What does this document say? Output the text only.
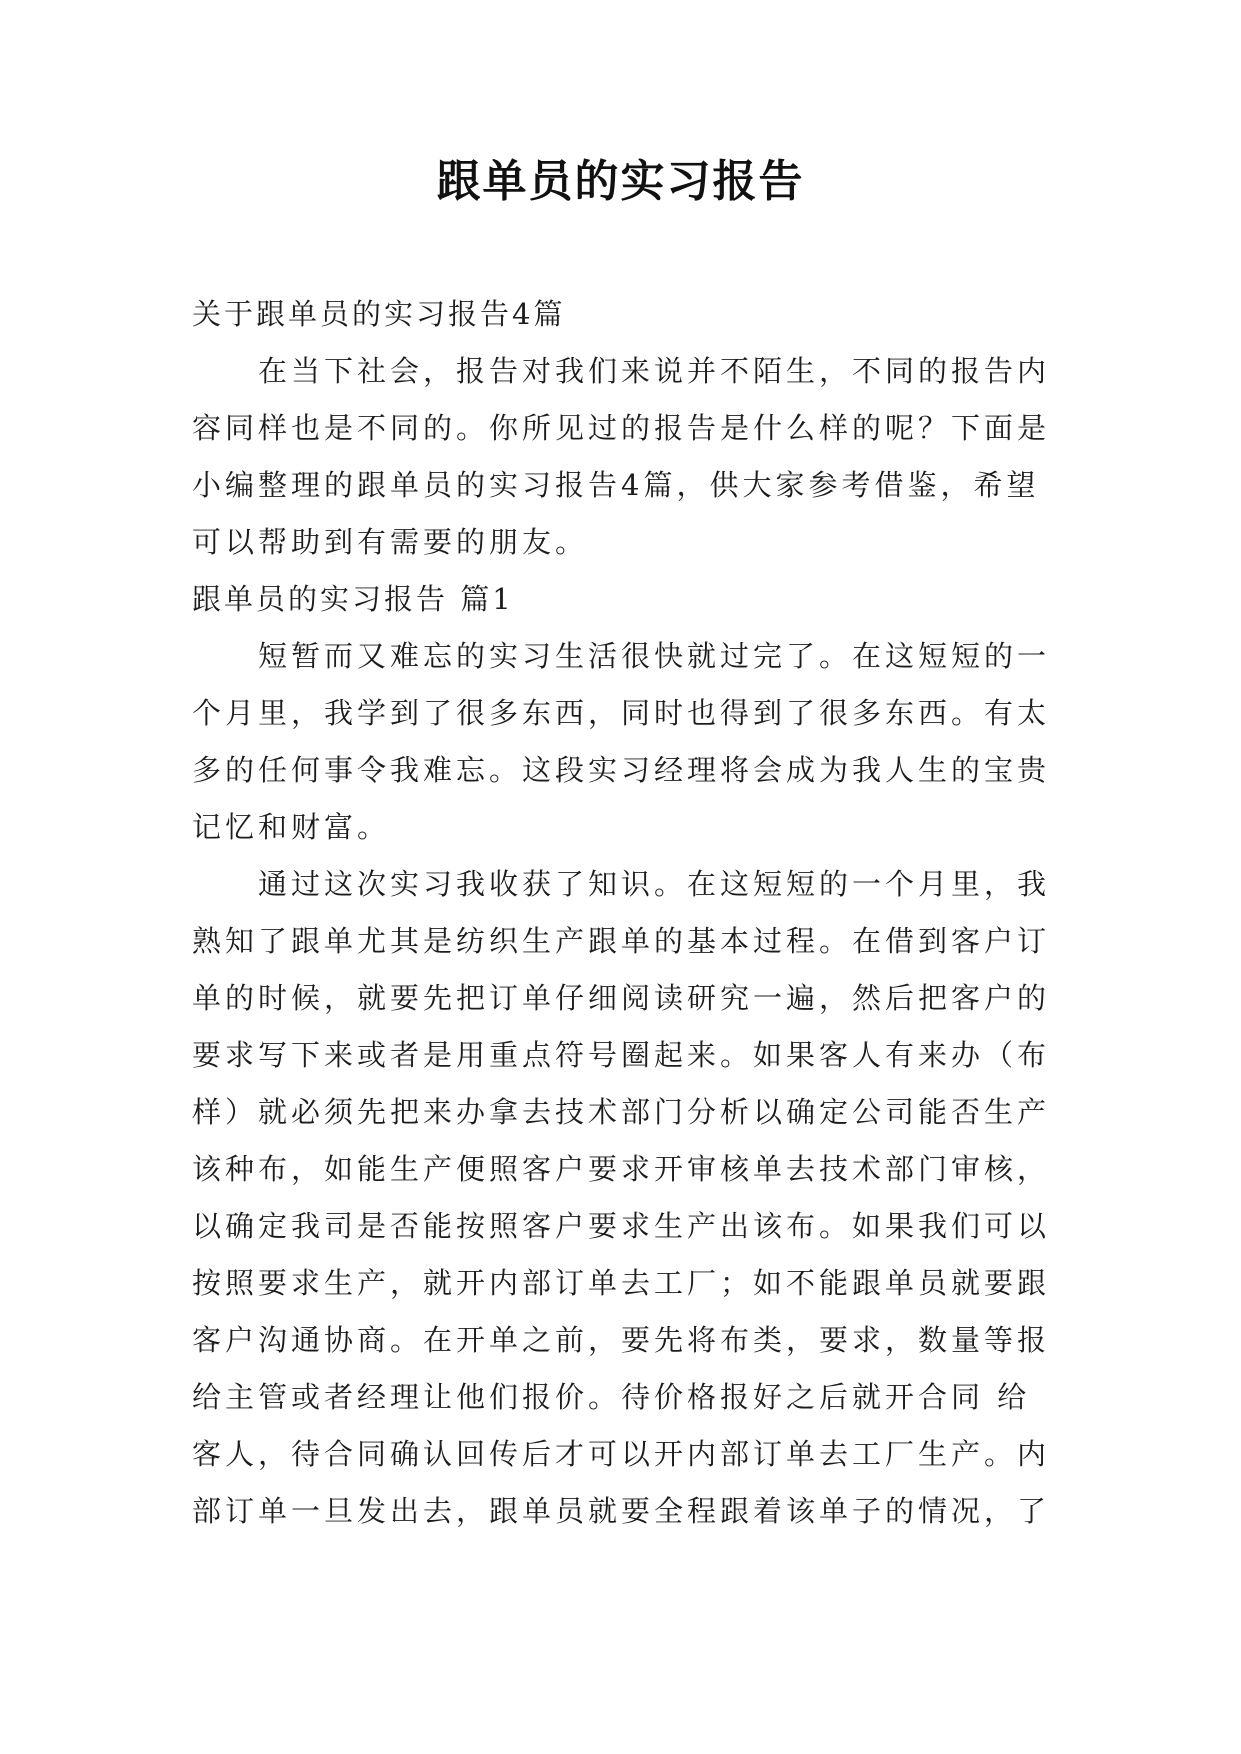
跟单员的实习报告
关于跟单员的实习报告4篇
在当下社会，报告对我们来说并不陌生，不同的报告内
容同样也是不同的。你所见过的报告是什么样的呢？下面是
小编整理的跟单员的实习报告4篇，供大家参考借鉴，希望
可以帮助到有需要的朋友。
跟单员的实习报告 篇1
短暂而又难忘的实习生活很快就过完了。在这短短的一
个月里，我学到了很多东西，同时也得到了很多东西。有太
多的任何事令我难忘。这段实习经理将会成为我人生的宝贵
记忆和财富。
通过这次实习我收获了知识。在这短短的一个月里，我
熟知了跟单尤其是纺织生产跟单的基本过程。在借到客户订
单的时候，就要先把订单仔细阅读研究一遍，然后把客户的
要求写下来或者是用重点符号圈起来。如果客人有来办（布
样）就必须先把来办拿去技术部门分析以确定公司能否生产
该种布，如能生产便照客户要求开审核单去技术部门审核，
以确定我司是否能按照客户要求生产出该布。如果我们可以
按照要求生产，就开内部订单去工厂；如不能跟单员就要跟
客户沟通协商。在开单之前，要先将布类，要求，数量等报
给主管或者经理让他们报价。待价格报好之后就开合同 给
客人，待合同确认回传后才可以开内部订单去工厂生产。内
部订单一旦发出去，跟单员就要全程跟着该单子的情况，了
